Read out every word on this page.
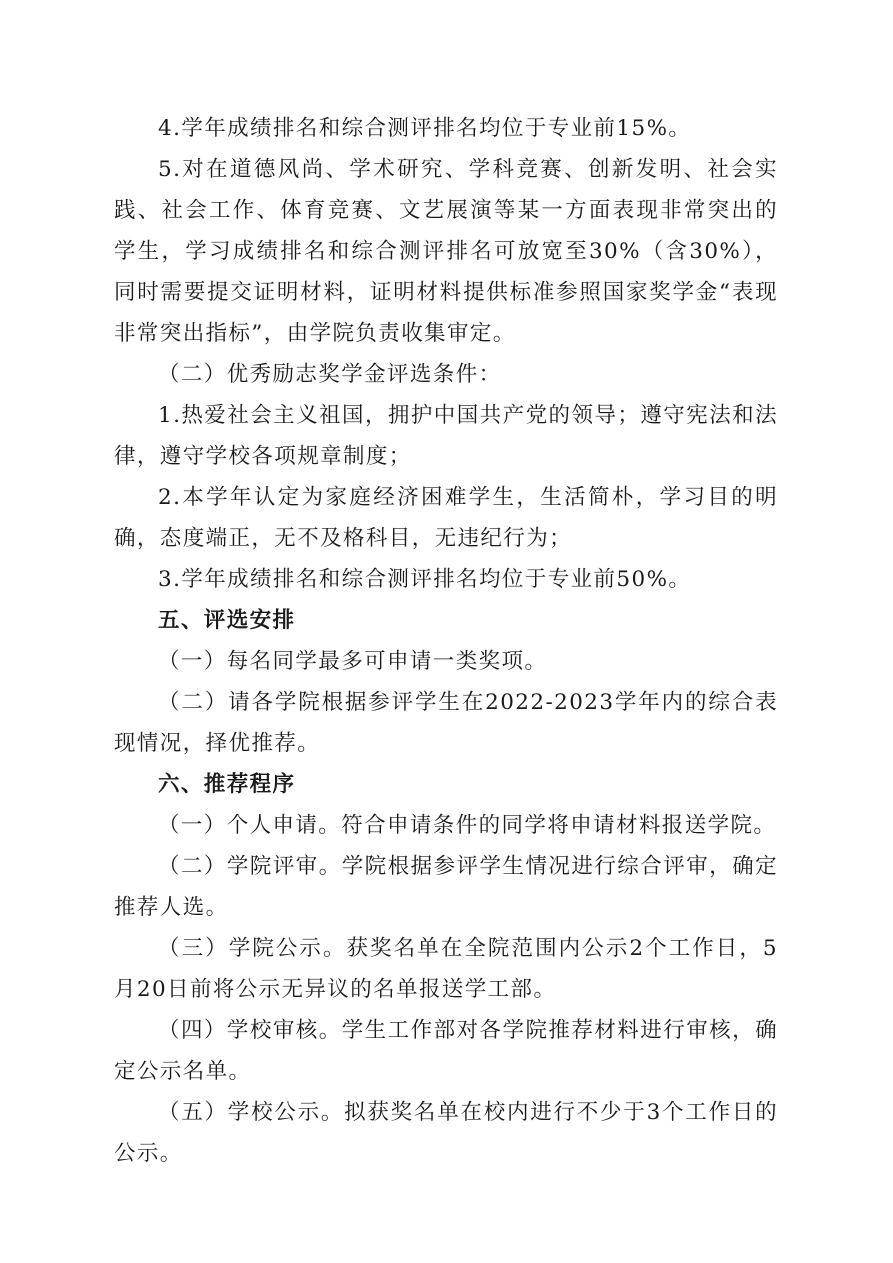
4.学年成绩排名和综合测评排名均位于专业前15%。

5.对在道德风尚、学术研究、学科竞赛、创新发明、社会实践、社会工作、体育竞赛、文艺展演等某一方面表现非常突出的学生，学习成绩排名和综合测评排名可放宽至30%（含30%），同时需要提交证明材料，证明材料提供标准参照国家奖学金“表现非常突出指标”，由学院负责收集审定。

（二）优秀励志奖学金评选条件：

1.热爱社会主义祖国，拥护中国共产党的领导；遵守宪法和法律，遵守学校各项规章制度；

2.本学年认定为家庭经济困难学生，生活简朴，学习目的明确，态度端正，无不及格科目，无违纪行为；

3.学年成绩排名和综合测评排名均位于专业前50%。

五、评选安排

（一）每名同学最多可申请一类奖项。

（二）请各学院根据参评学生在2022-2023学年内的综合表现情况，择优推荐。

六、推荐程序

（一）个人申请。符合申请条件的同学将申请材料报送学院。

（二）学院评审。学院根据参评学生情况进行综合评审，确定推荐人选。

（三）学院公示。获奖名单在全院范围内公示2个工作日，5月20日前将公示无异议的名单报送学工部。

（四）学校审核。学生工作部对各学院推荐材料进行审核，确定公示名单。

（五）学校公示。拟获奖名单在校内进行不少于3个工作日的公示。
